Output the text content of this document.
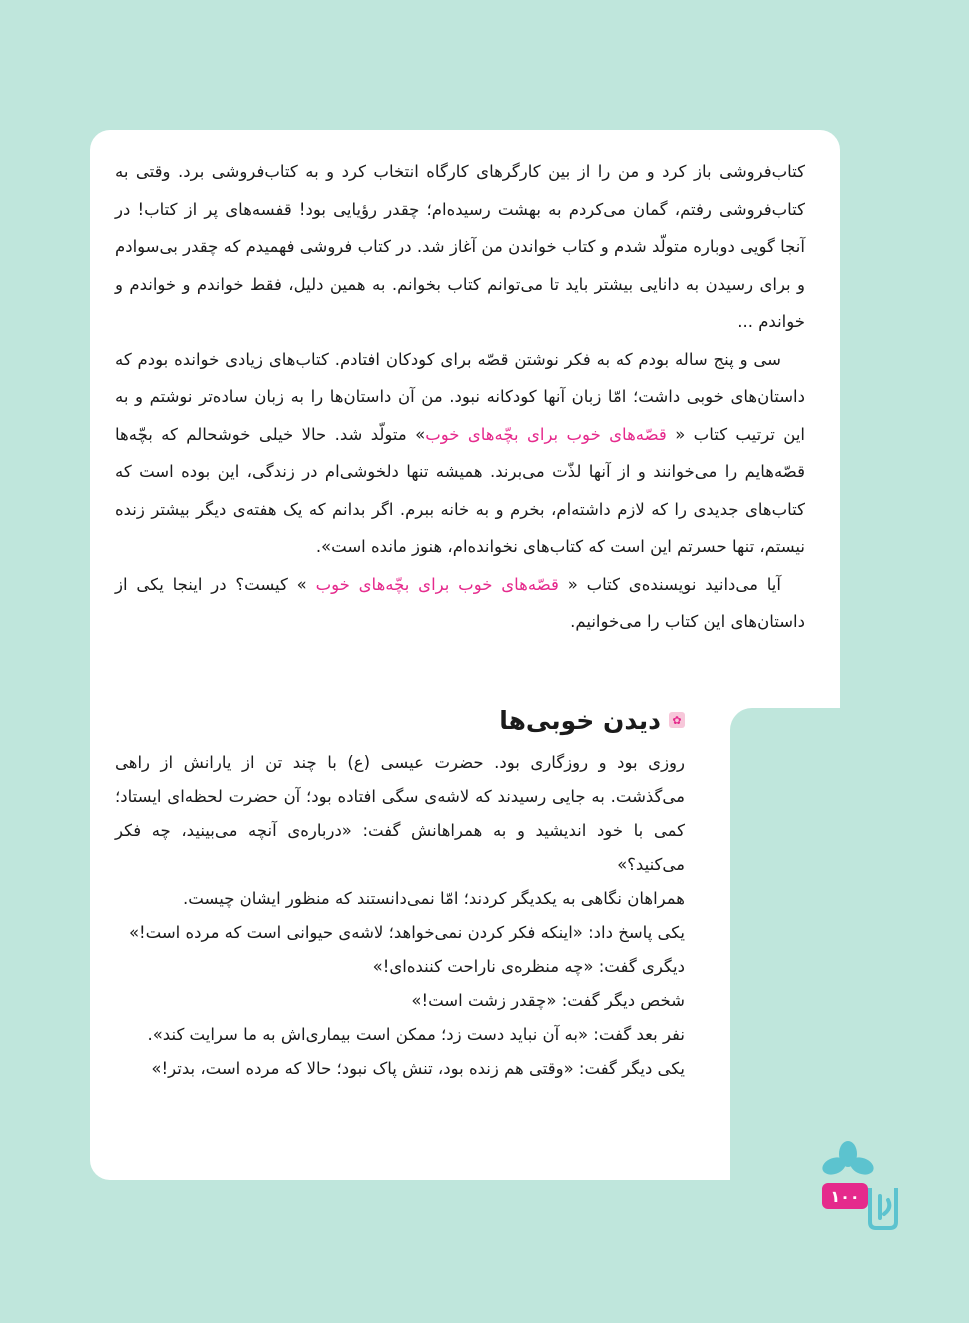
کتاب‌فروشی باز کرد و من را از بین کارگرهای کارگاه انتخاب کرد و به کتاب‌فروشی برد. وقتی به کتاب‌فروشی رفتم، گمان می‌کردم به بهشت رسیده‌ام؛ چقدر رؤیایی بود! قفسه‌های پر از کتاب! در آنجا گویی دوباره متولّد شدم و کتاب خواندن من آغاز شد. در کتاب فروشی فهمیدم که چقدر بی‌سوادم و برای رسیدن به دانایی بیشتر باید تا می‌توانم کتاب بخوانم. به همین دلیل، فقط خواندم و خواندم و خواندم ...

سی و پنج ساله بودم که به فکر نوشتن قصّه برای کودکان افتادم. کتاب‌های زیادی خوانده بودم که داستان‌های خوبی داشت؛ امّا زبان آنها کودکانه نبود. من آن داستان‌ها را به زبان ساده‌تر نوشتم و به این ترتیب کتاب « قصّه‌های خوب برای بچّه‌های خوب» متولّد شد. حالا خیلی خوشحالم که بچّه‌ها قصّه‌هایم را می‌خوانند و از آنها لذّت می‌برند. همیشه تنها دلخوشی‌ام در زندگی، این بوده است که کتاب‌های جدیدی را که لازم داشته‌ام، بخرم و به خانه ببرم. اگر بدانم که یک هفته‌ی دیگر بیشتر زنده نیستم، تنها حسرتم این است که کتاب‌های نخوانده‌ام، هنوز مانده است».

آیا می‌دانید نویسنده‌ی کتاب « قصّه‌های خوب برای بچّه‌های خوب » کیست؟ در اینجا یکی از داستان‌های این کتاب را می‌خوانیم.

✿
دیدن خوبی‌ها

روزی بود و روزگاری بود. حضرت عیسی (ع) با چند تن از یارانش از راهی می‌گذشت. به جایی رسیدند که لاشه‌ی سگی افتاده بود؛ آن حضرت لحظه‌ای ایستاد؛ کمی با خود اندیشید و به همراهانش گفت: «درباره‌ی آنچه می‌بینید، چه فکر می‌کنید؟»

همراهان نگاهی به یکدیگر کردند؛ امّا نمی‌دانستند که منظور ایشان چیست.

یکی پاسخ داد: «اینکه فکر کردن نمی‌خواهد؛ لاشه‌ی حیوانی است که مرده است!»

دیگری گفت: «چه منظره‌ی ناراحت کننده‌ای!»

شخص دیگر گفت: «چقدر زشت است!»

نفر بعد گفت: «به آن نباید دست زد؛ ممکن است بیماری‌اش به ما سرایت کند».

یکی دیگر گفت: «وقتی هم زنده بود، تنش پاک نبود؛ حالا که مرده است، بدتر!»

۱۰۰
